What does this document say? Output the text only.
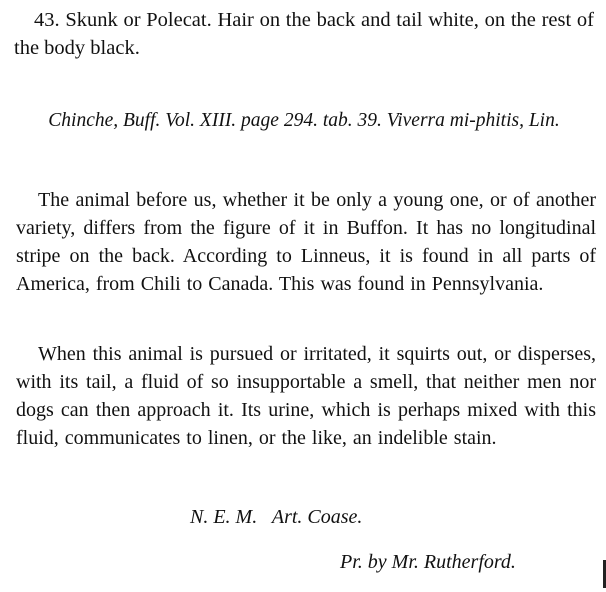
43. Skunk or Polecat. Hair on the back and tail white, on the rest of the body black.

Chinche, Buff. Vol. XIII. page 294. tab. 39. Viverra mi-phitis, Lin.

The animal before us, whether it be only a young one, or of another variety, differs from the figure of it in Buffon. It has no longitudinal stripe on the back. According to Linneus, it is found in all parts of America, from Chili to Canada. This was found in Pennsylvania.

When this animal is pursued or irritated, it squirts out, or disperses, with its tail, a fluid of so insupportable a smell, that neither men nor dogs can then approach it. Its urine, which is perhaps mixed with this fluid, communicates to linen, or the like, an indelible stain.

N. E. M.   Art. Coase.

Pr. by Mr. Rutherford.
